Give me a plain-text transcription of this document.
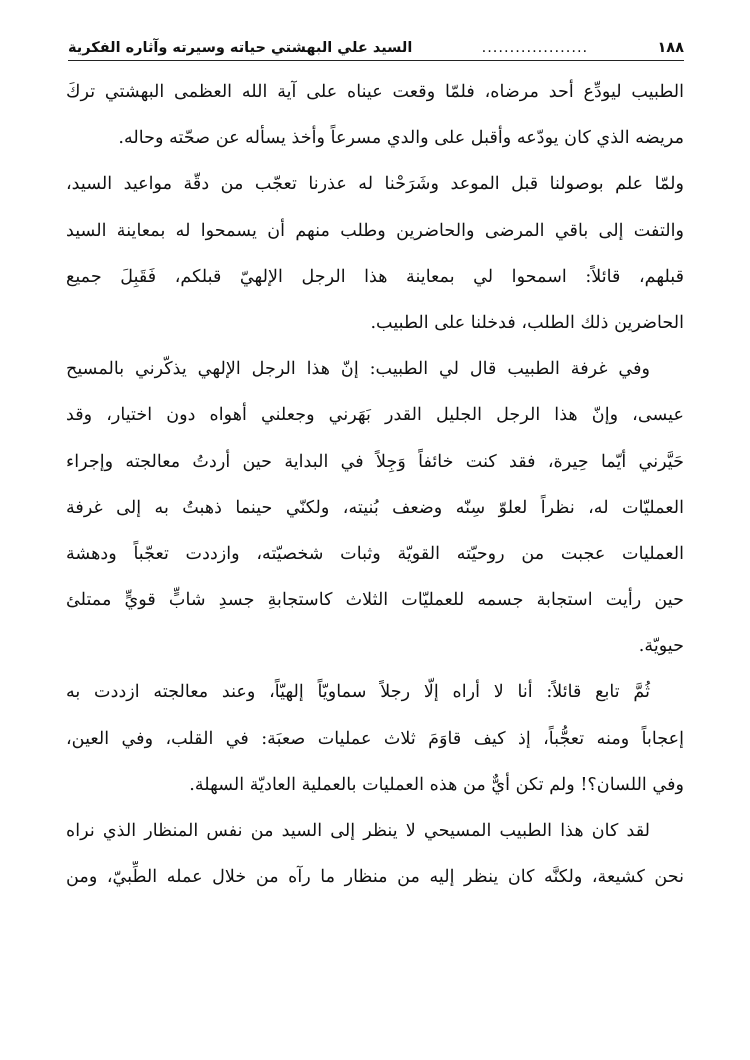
١٨٨
...................
السيد علي البهشتي حياته وسيرته وآثاره الفكرية
الطبيب ليودِّع أحد مرضاه، فلمّا وقعت عيناه على آية الله العظمى البهشتي تركَ
مريضه الذي كان يودّعه وأقبل على والدي مسرعاً وأخذ يسأله عن صحّته وحاله.
ولمّا علم بوصولنا قبل الموعد وشَرَحْنا له عذرنا تعجّب من دقّة مواعيد السيد،
والتفت إلى باقي المرضى والحاضرين وطلب منهم أن يسمحوا له بمعاينة السيد
قبلهم، قائلاً: اسمحوا لي بمعاينة هذا الرجل الإلهيّ قبلكم، فَقَبِلَ جميع
الحاضرين ذلك الطلب، فدخلنا على الطبيب.
وفي غرفة الطبيب قال لي الطبيب: إنّ هذا الرجل الإلهي يذكّرني بالمسيح
عيسى، وإنّ هذا الرجل الجليل القدر بَهَرني وجعلني أهواه دون اختيار، وقد
حَيَّرني أيّما حِيرة، فقد كنت خائفاً وَجِلاً في البداية حين أردتُ معالجته وإجراء
العمليّات له، نظراً لعلوّ سِنّه وضعف بُنيته، ولكنّي حينما ذهبتُ به إلى غرفة
العمليات عجبت من روحيّته القويّة وثبات شخصيّته، وازددت تعجّباً ودهشة
حين رأيت استجابة جسمه للعمليّات الثلاث كاستجابةِ جسدِ شابٍّ قويٍّ ممتلئ
حيويّة.
ثُمَّ تابع قائلاً: أنا لا أراه إلّا رجلاً سماويّاً إلهيّاً، وعند معالجته ازددت به
إعجاباً ومنه تعجُّباً، إذ كيف قاوَمَ ثلاث عمليات صعبَة: في القلب، وفي العين،
وفي اللسان؟! ولم تكن أيٌّ من هذه العمليات بالعملية العاديّة السهلة.
لقد كان هذا الطبيب المسيحي لا ينظر إلى السيد من نفس المنظار الذي نراه
نحن كشيعة، ولكنَّه كان ينظر إليه من منظار ما رآه من خلال عمله الطِّبيّ، ومن
